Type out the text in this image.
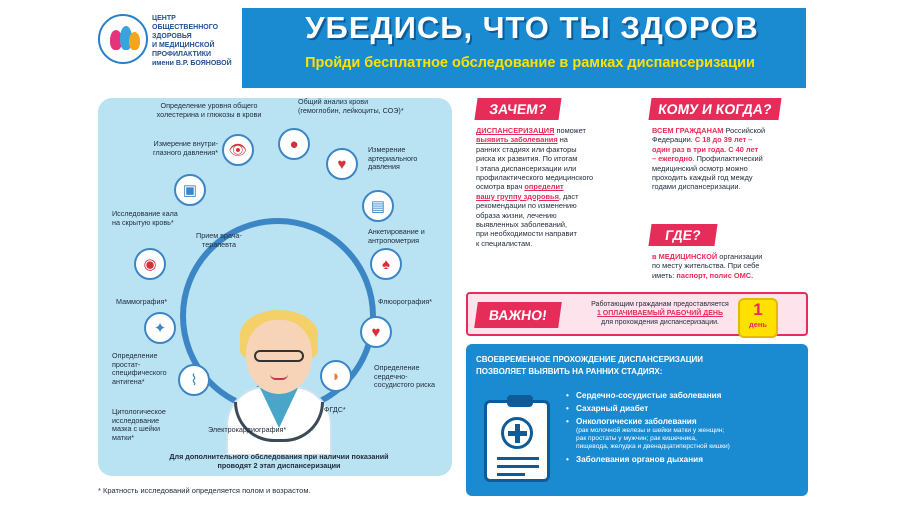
ЦЕНТР
ОБЩЕСТВЕННОГО
ЗДОРОВЬЯ
И МЕДИЦИНСКОЙ
ПРОФИЛАКТИКИ
имени В.Р. БОЯНОВОЙ
УБЕДИСЬ, ЧТО ТЫ ЗДОРОВ
Пройди бесплатное обследование в рамках диспансеризации
👁	●
♥
▣
▤
♠
◉
♥
✦
◗
⌇
Определение уровня общего
холестерина и глюкозы в крови
Общий анализ крови
(гемоглобин, лейкоциты, СОЭ)*
Измерение внутри-
глазного давления*	Измерение
артериального
давления
Исследование кала
на скрытую кровь*
Прием врача-
терапевта
Анкетирование и
антропометрия
Маммография*	Флюорография*
Определение
простат-
специфического
антигена*
Определение
сердечно-
сосудистого риска
Цитологическое
исследование
мазка с шейки
матки*
ФГДС*
Электрокардиография*
Для дополнительного обследования при наличии показаний
проводят 2 этап диспансеризации
* Кратность исследований определяется полом и возрастом.
ЗАЧЕМ?
ДИСПАНСЕРИЗАЦИЯ поможет
выявить заболевания на
ранних стадиях или факторы
риска их развития. По итогам
I этапа диспансеризации или
профилактического медицинского
осмотра врач определит
вашу группу здоровья, даст
рекомендации по изменению
образа жизни, лечению
выявленных заболеваний,
при необходимости направит
к специалистам.
КОМУ И КОГДА?
ВСЕМ ГРАЖДАНАМ Российской
Федерации. С 18 до 39 лет –
один раз в три года. С 40 лет
– ежегодно. Профилактический
медицинский осмотр можно
проходить каждый год между
годами диспансеризации.
ГДЕ?
в МЕДИЦИНСКОЙ организации
по месту жительства. При себе
иметь: паспорт, полис ОМС.
ВАЖНО!
Работающим гражданам предоставляется
1 ОПЛАЧИВАЕМЫЙ РАБОЧИЙ ДЕНЬ
для прохождения диспансеризации.
1
день
СВОЕВРЕМЕННОЕ ПРОХОЖДЕНИЕ ДИСПАНСЕРИЗАЦИИ
ПОЗВОЛЯЕТ ВЫЯВИТЬ НА РАННИХ СТАДИЯХ:
• Сердечно-сосудистые заболевания
• Сахарный диабет
• Онкологические заболевания
(рак молочной железы и шейки матки у женщин;
рак простаты у мужчин; рак кишечника,
пищевода, желудка и двенадцатиперстной кишки)
• Заболевания органов дыхания
